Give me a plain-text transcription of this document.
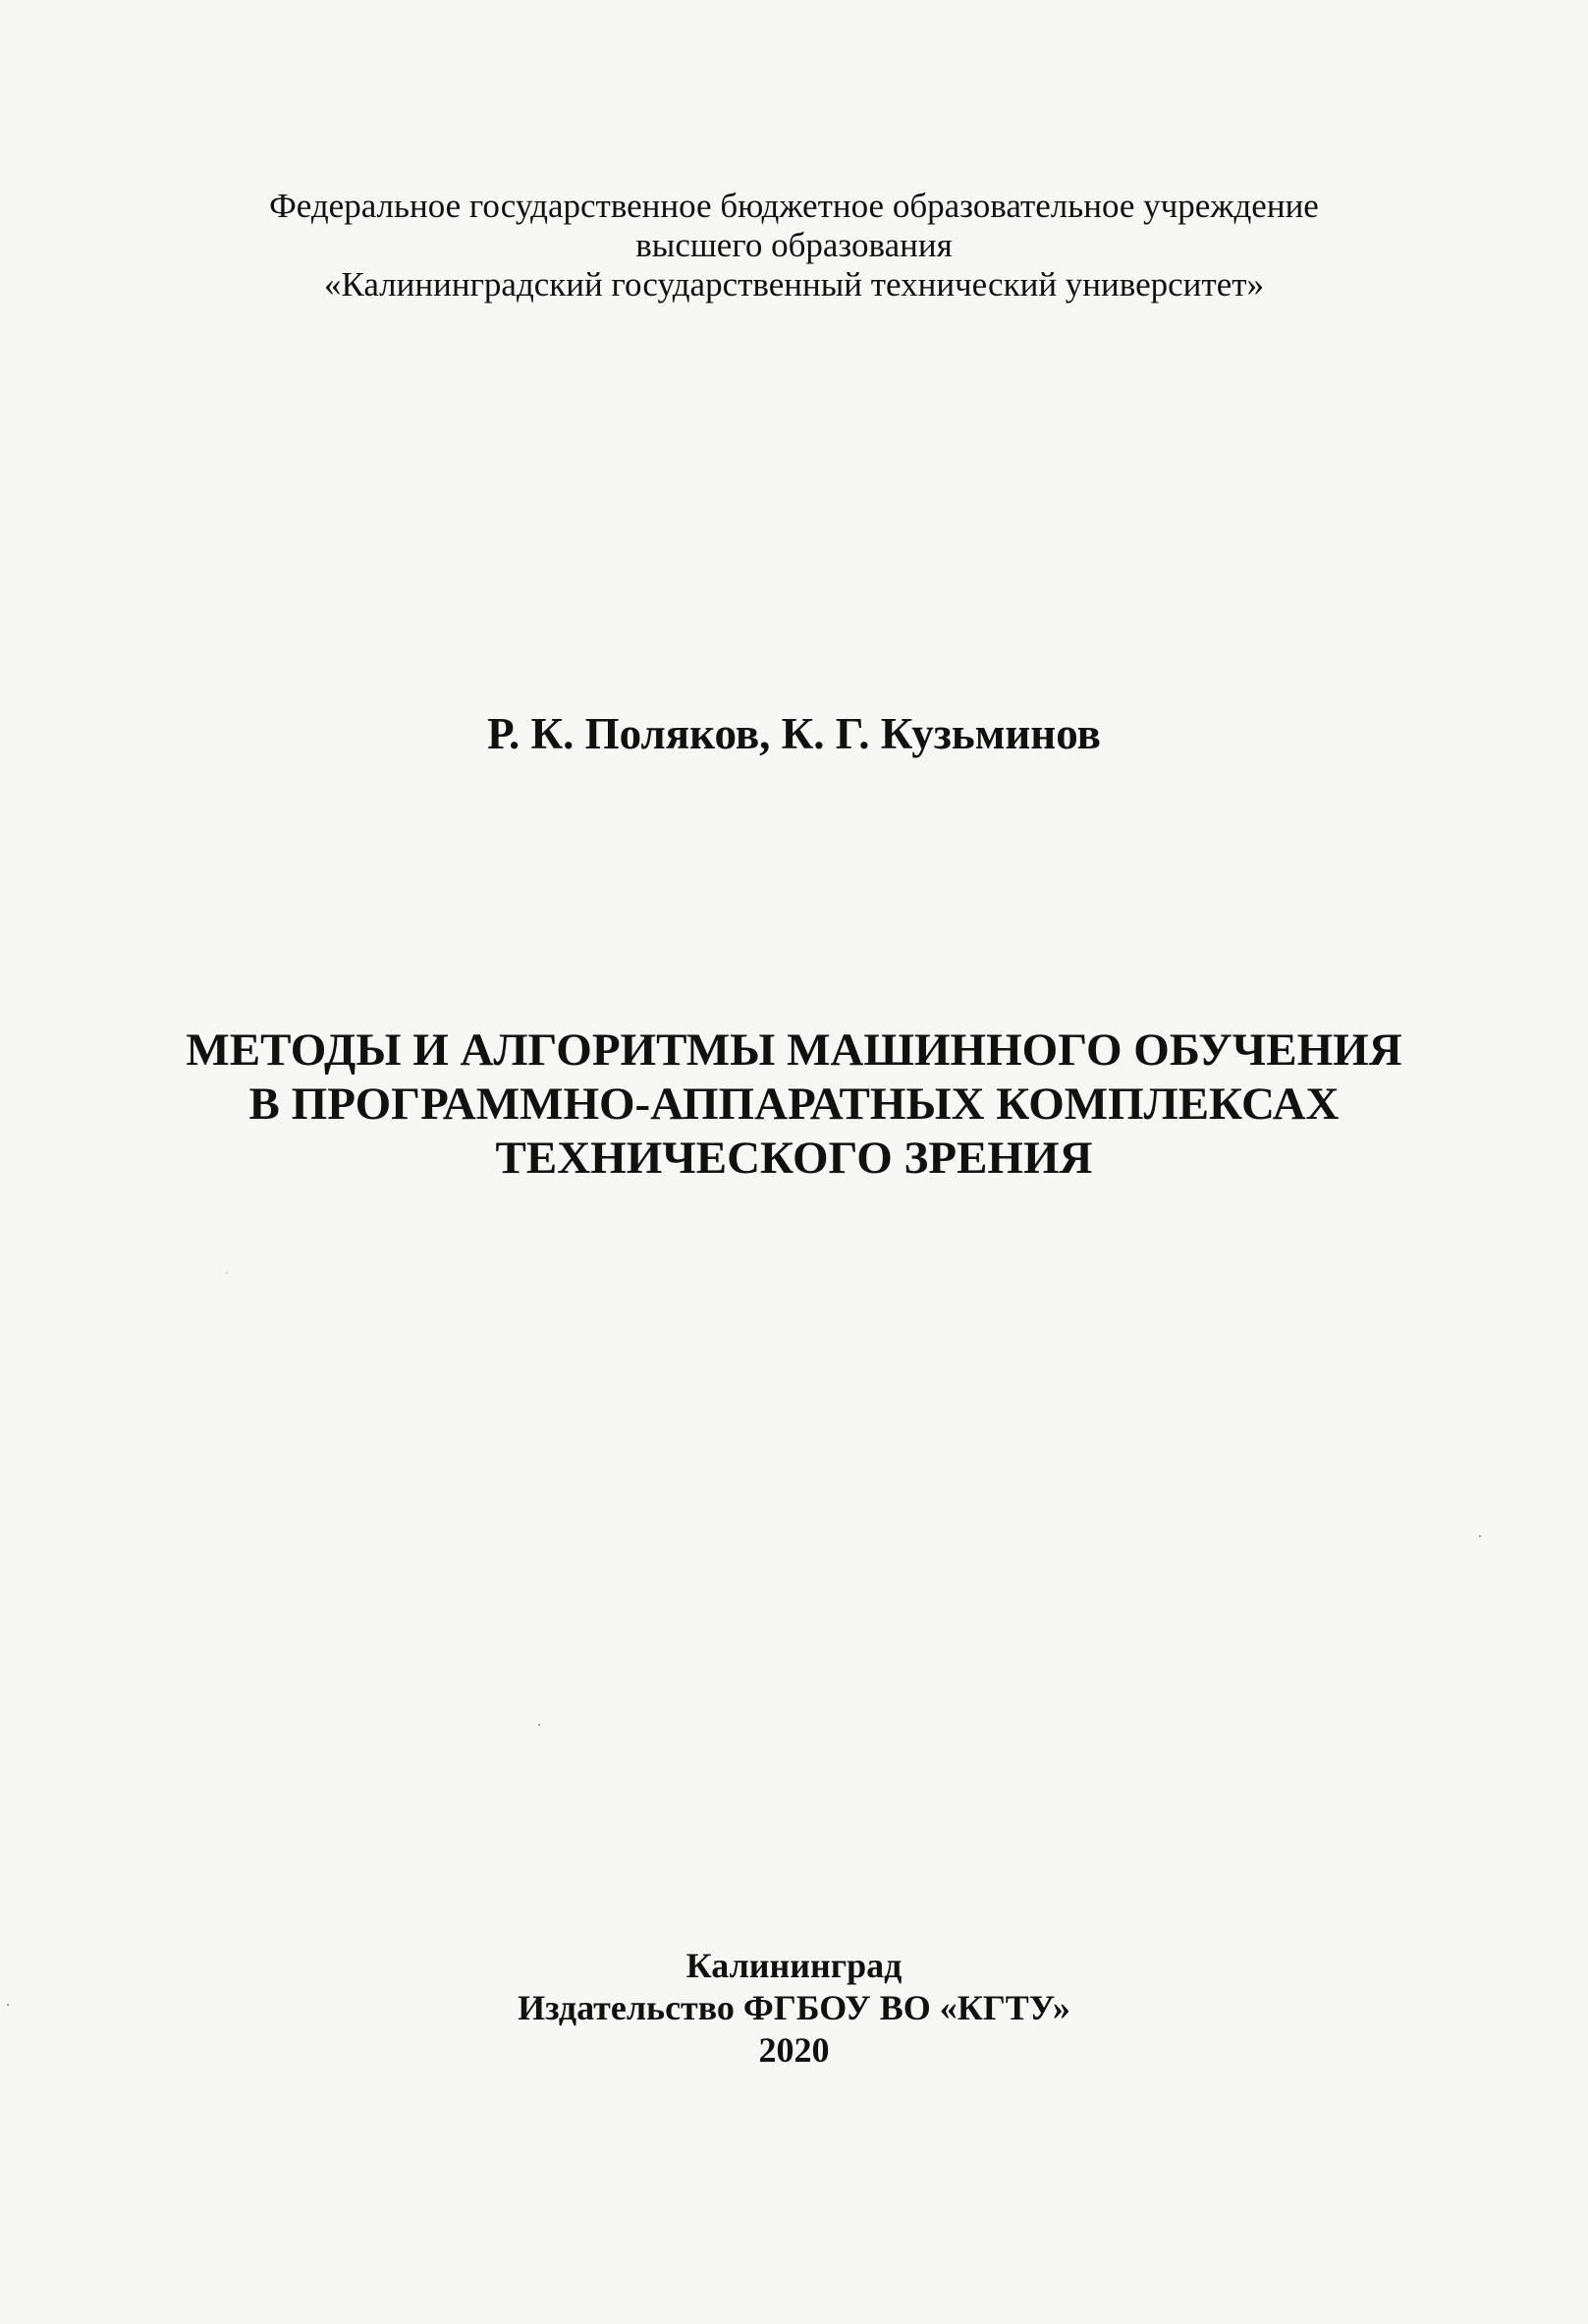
Федеральное государственное бюджетное образовательное учреждение
высшего образования
«Калининградский государственный технический университет»
Р. К. Поляков, К. Г. Кузьминов
МЕТОДЫ И АЛГОРИТМЫ МАШИННОГО ОБУЧЕНИЯ
В ПРОГРАММНО-АППАРАТНЫХ КОМПЛЕКСАХ
ТЕХНИЧЕСКОГО ЗРЕНИЯ
Калининград
Издательство ФГБОУ ВО «КГТУ»
2020
